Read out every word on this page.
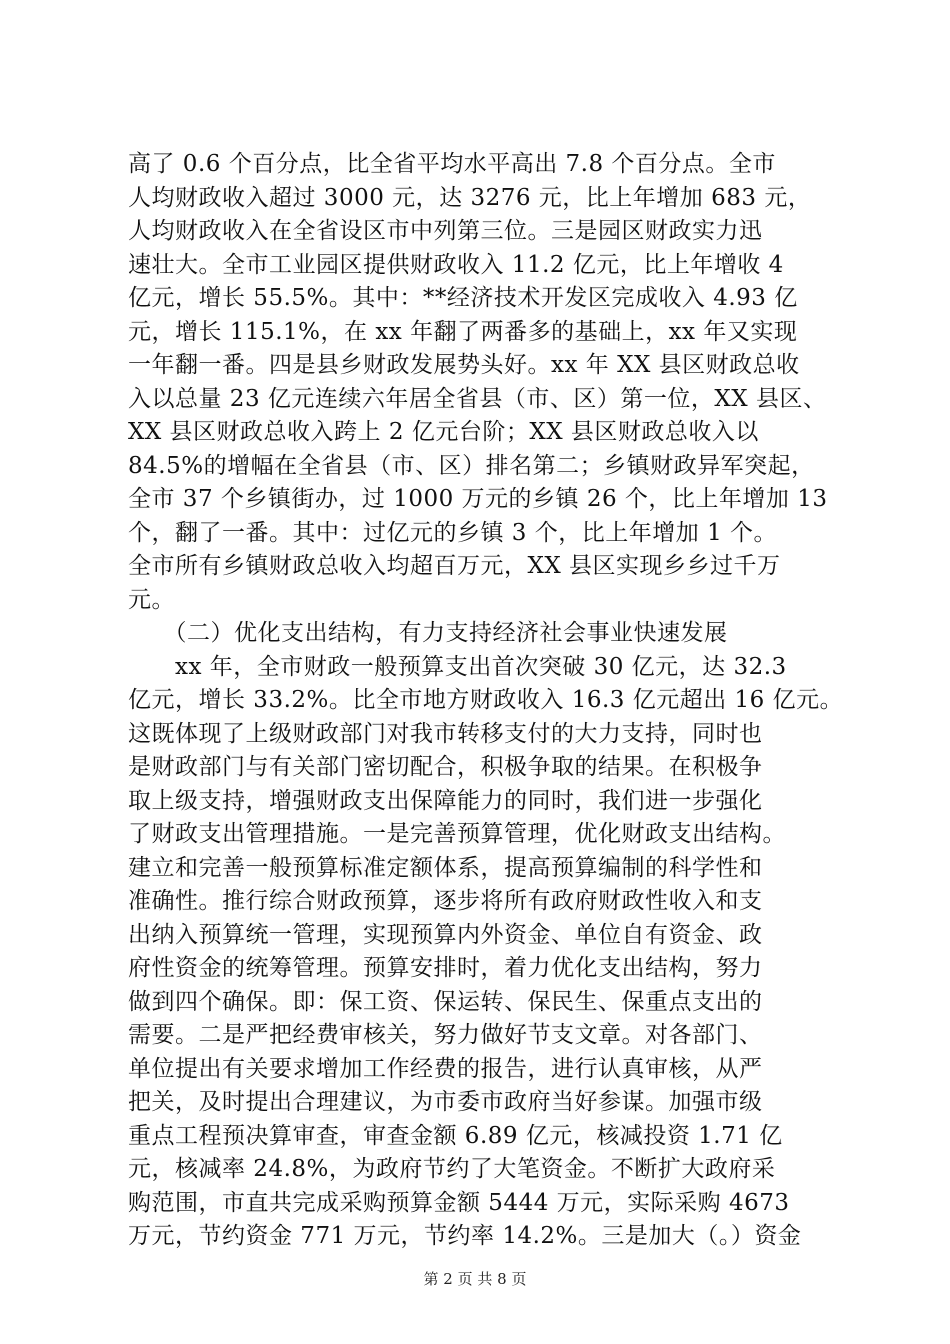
高了 0.6 个百分点，比全省平均水平高出 7.8 个百分点。全市
人均财政收入超过 3000 元，达 3276 元，比上年增加 683 元，
人均财政收入在全省设区市中列第三位。三是园区财政实力迅
速壮大。全市工业园区提供财政收入 11.2 亿元，比上年增收 4
亿元，增长 55.5%。其中：**经济技术开发区完成收入 4.93 亿
元，增长 115.1%，在 xx 年翻了两番多的基础上，xx 年又实现
一年翻一番。四是县乡财政发展势头好。xx 年 XX 县区财政总收
入以总量 23 亿元连续六年居全省县（市、区）第一位，XX 县区、
XX 县区财政总收入跨上 2 亿元台阶；XX 县区财政总收入以
84.5%的增幅在全省县（市、区）排名第二；乡镇财政异军突起，
全市 37 个乡镇街办，过 1000 万元的乡镇 26 个，比上年增加 13
个，翻了一番。其中：过亿元的乡镇 3 个，比上年增加 1 个。
全市所有乡镇财政总收入均超百万元，XX 县区实现乡乡过千万
元。
　　（二）优化支出结构，有力支持经济社会事业快速发展
　　xx 年，全市财政一般预算支出首次突破 30 亿元，达 32.3
亿元，增长 33.2%。比全市地方财政收入 16.3 亿元超出 16 亿元。
这既体现了上级财政部门对我市转移支付的大力支持，同时也
是财政部门与有关部门密切配合，积极争取的结果。在积极争
取上级支持，增强财政支出保障能力的同时，我们进一步强化
了财政支出管理措施。一是完善预算管理，优化财政支出结构。
建立和完善一般预算标准定额体系，提高预算编制的科学性和
准确性。推行综合财政预算，逐步将所有政府财政性收入和支
出纳入预算统一管理，实现预算内外资金、单位自有资金、政
府性资金的统筹管理。预算安排时，着力优化支出结构，努力
做到四个确保。即：保工资、保运转、保民生、保重点支出的
需要。二是严把经费审核关，努力做好节支文章。对各部门、
单位提出有关要求增加工作经费的报告，进行认真审核，从严
把关，及时提出合理建议，为市委市政府当好参谋。加强市级
重点工程预决算审查，审查金额 6.89 亿元，核减投资 1.71 亿
元，核减率 24.8%，为政府节约了大笔资金。不断扩大政府采
购范围，市直共完成采购预算金额 5444 万元，实际采购 4673
万元，节约资金 771 万元，节约率 14.2%。三是加大（。）资金
第 2 页 共 8 页
